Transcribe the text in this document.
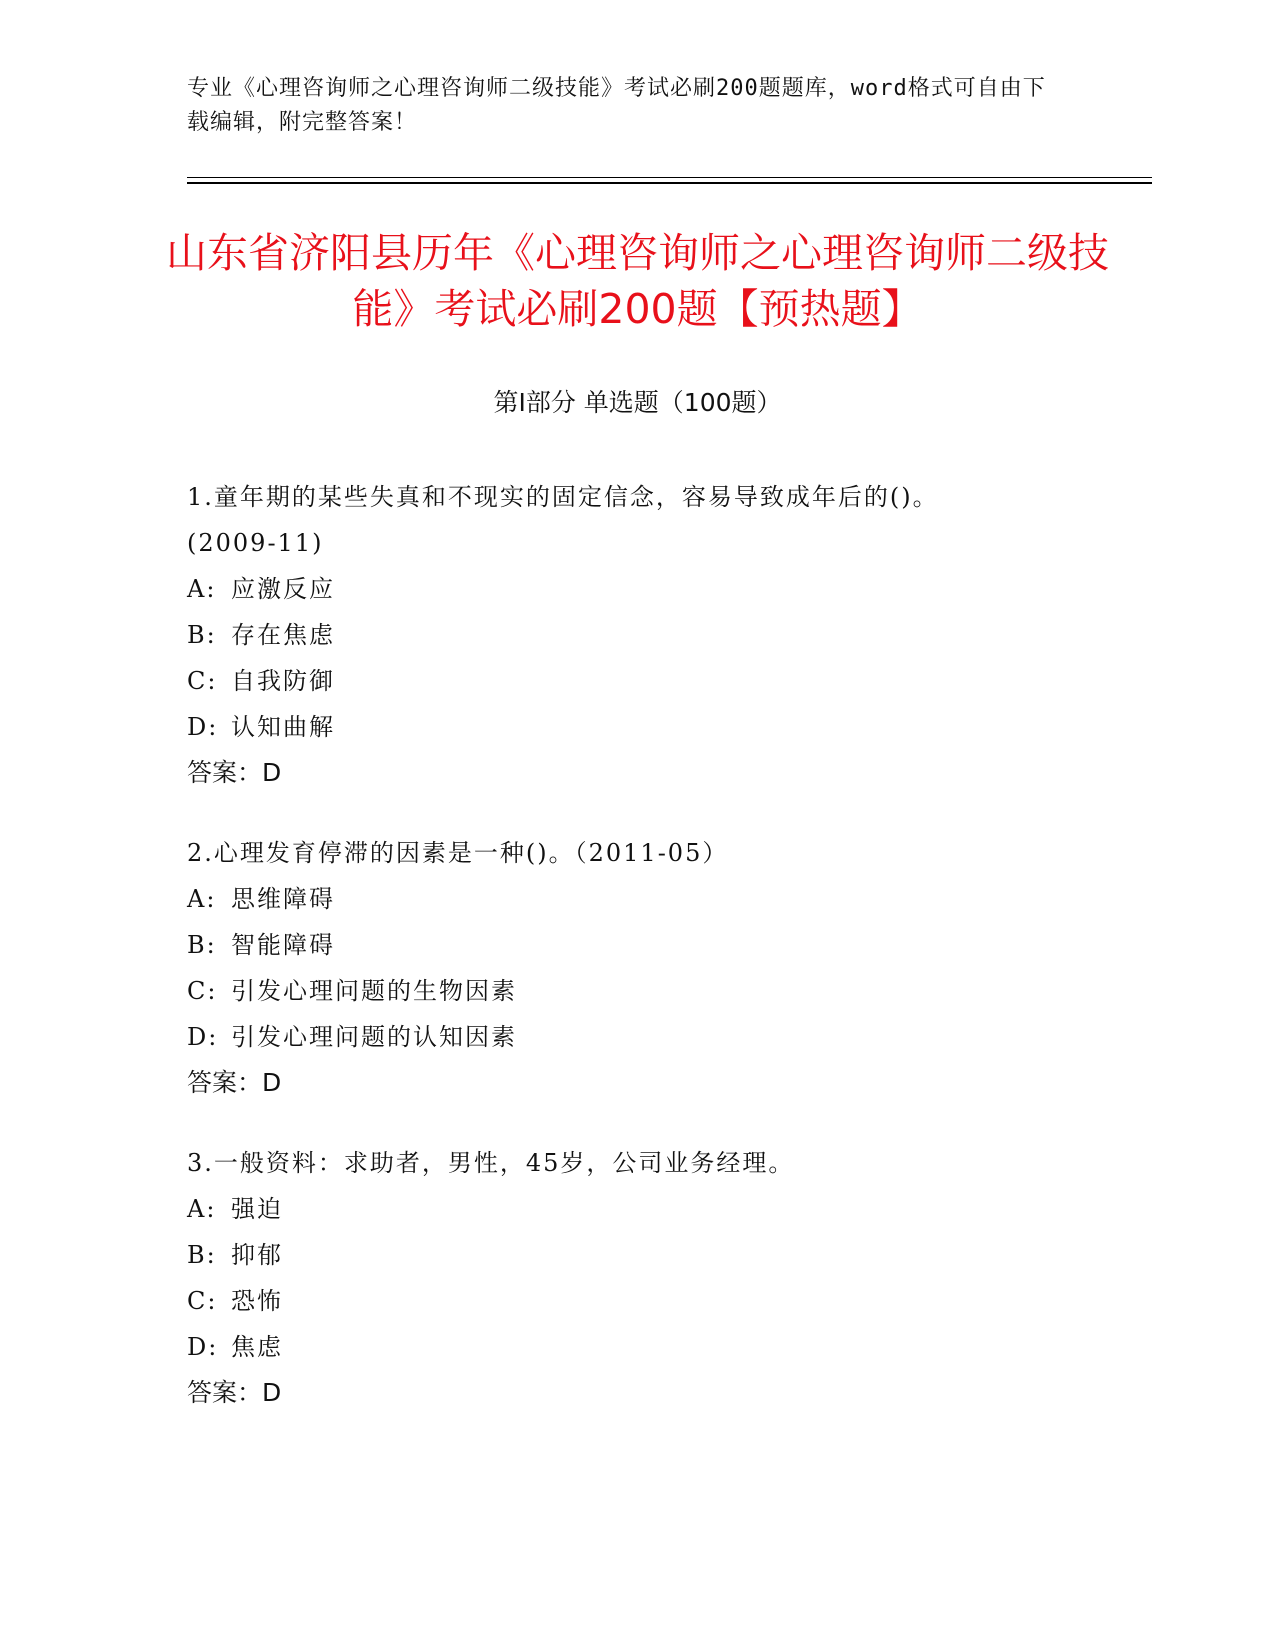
专业《心理咨询师之心理咨询师二级技能》考试必刷200题题库，word格式可自由下载编辑，附完整答案！
山东省济阳县历年《心理咨询师之心理咨询师二级技能》考试必刷200题【预热题】
第Ⅰ部分 单选题（100题）
1.童年期的某些失真和不现实的固定信念，容易导致成年后的()。
(2009-11)
A: 应激反应
B: 存在焦虑
C: 自我防御
D: 认知曲解
答案：D
2.心理发育停滞的因素是一种()。（2011-05）
A: 思维障碍
B: 智能障碍
C: 引发心理问题的生物因素
D: 引发心理问题的认知因素
答案：D
3.一般资料：求助者，男性，45岁，公司业务经理。
A: 强迫
B: 抑郁
C: 恐怖
D: 焦虑
答案：D
